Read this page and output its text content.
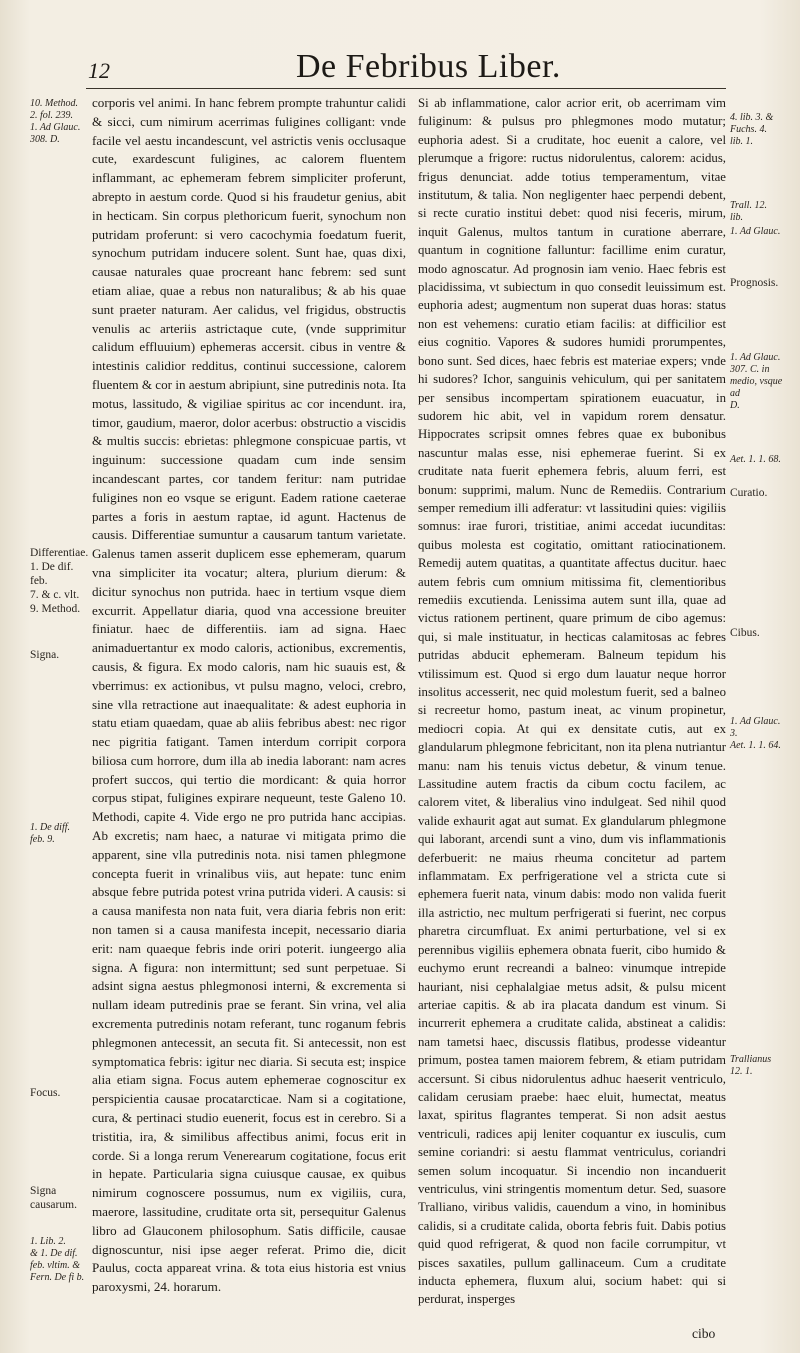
12	De Febribus Liber.

corporis vel animi. In hanc febrem prompte trahuntur calidi & sicci, cum nimirum acerrimas fuligines colligant: vnde facile vel aestu incandescunt, vel astrictis venis occlusaque cute, exardescunt fuligines, ac calorem fluentem inflammant, ac ephemeram febrem simpliciter proferunt, abrepto in aestum corde. Quod si his fraudetur genius, abit in hecticam. Sin corpus plethoricum fuerit, synochum non putridam proferunt: si vero cacochymia foedatum fuerit, synochum putridam inducere solent. Sunt hae, quas dixi, causae naturales quae procreant hanc febrem: sed sunt etiam aliae, quae a rebus non naturalibus; & ab his quae sunt praeter naturam. Aer calidus, vel frigidus, obstructis venulis ac arteriis astrictaque cute, (vnde supprimitur calidum effluuium) ephemeras accersit. cibus in ventre & intestinis calidior redditus, continui successione, calorem fluentem & cor in aestum abripiunt, sine putredinis nota. Ita motus, lassitudo, & vigiliae spiritus ac cor incendunt. ira, timor, gaudium, maeror, dolor acerbus: obstructio a viscidis & multis succis: ebrietas: phlegmone conspicuae partis, vt inguinum: successione quadam cum inde sensim incandescant partes, cor tandem feritur: nam putridae fuligines non eo vsque se erigunt. Eadem ratione caeterae partes a foris in aestum raptae, id agunt. Hactenus de causis. Differentiae sumuntur a causarum tantum varietate. Galenus tamen asserit duplicem esse ephemeram, quarum vna simpliciter ita vocatur; altera, plurium dierum: & dicitur synochus non putrida. haec in tertium vsque diem excurrit. Appellatur diaria, quod vna accessione breuiter finiatur. haec de differentiis. iam ad signa. Haec animaduertantur ex modo caloris, actionibus, excrementis, causis, & figura. Ex modo caloris, nam hic suauis est, & vberrimus: ex actionibus, vt pulsu magno, veloci, crebro, sine vlla retractione aut inaequalitate: & adest euphoria in statu etiam quaedam, quae ab aliis febribus abest: nec rigor nec pigritia fatigant. Tamen interdum corripit corpora biliosa cum horrore, dum illa ab inedia laborant: nam acres profert succos, qui tertio die mordicant: & quia horror corpus stipat, fuligines expirare nequeunt, teste Galeno 10. Methodi, capite 4. Vide ergo ne pro putrida hanc accipias. Ab excretis; nam haec, a naturae vi mitigata primo die apparent, sine vlla putredinis nota. nisi tamen phlegmone concepta fuerit in vrinalibus viis, aut hepate: tunc enim absque febre putrida potest vrina putrida videri. A causis: si a causa manifesta non nata fuit, vera diaria febris non erit: non tamen si a causa manifesta incepit, necessario diaria erit: nam quaeque febris inde oriri poterit. iungeergo alia signa. A figura: non intermittunt; sed sunt perpetuae. Si adsint signa aestus phlegmonosi interni, & excrementa si nullam ideam putredinis prae se ferant. Sin vrina, vel alia excrementa putredinis notam referant, tunc roganum febris phlegmonen antecessit, an secuta fit. Si antecessit, non est symptomatica febris: igitur nec diaria. Si secuta est; inspice alia etiam signa. Focus autem ephemerae cognoscitur ex perspicientia causae procatarcticae. Nam si a cogitatione, cura, & pertinaci studio euenerit, focus est in cerebro. Si a tristitia, ira, & similibus affectibus animi, focus erit in corde. Si a longa rerum Venerearum cogitatione, focus erit in hepate. Particularia signa cuiusque causae, ex quibus nimirum cognoscere possumus, num ex vigiliis, cura, maerore, lassitudine, cruditate orta sit, persequitur Galenus libro ad Glauconem philosophum. Satis difficile, causae dignoscuntur, nisi ipse aeger referat. Primo die, dicit Paulus, cocta appareat vrina. & tota eius historia est vnius paroxysmi, 24. horarum.

Si ab inflammatione, calor acrior erit, ob acerrimam vim fuliginum: & pulsus pro phlegmones modo mutatur; euphoria adest. Si a cruditate, hoc euenit a calore, vel plerumque a frigore: ructus nidorulentus, calorem: acidus, frigus denunciat. adde totius temperamentum, vitae institutum, & talia. Non negligenter haec perpendi debent, si recte curatio institui debet: quod nisi feceris, mirum, inquit Galenus, multos tantum in curatione aberrare, quantum in cognitione falluntur: facillime enim curatur, modo agnoscatur. Ad prognosin iam venio. Haec febris est placidissima, vt subiectum in quo consedit leuissimum est. euphoria adest; augmentum non superat duas horas: status non est vehemens: curatio etiam facilis: at difficilior est eius cognitio. Vapores & sudores humidi prorumpentes, bono sunt. Sed dices, haec febris est materiae expers; vnde hi sudores? Ichor, sanguinis vehiculum, qui per sanitatem per sensibus incompertam spirationem euacuatur, in sudorem hic abit, vel in vapidum rorem densatur. Hippocrates scripsit omnes febres quae ex bubonibus nascuntur malas esse, nisi ephemerae fuerint. Si ex cruditate nata fuerit ephemera febris, aluum ferri, est bonum: supprimi, malum. Nunc de Remediis. Contrarium semper remedium illi adferatur: vt lassitudini quies: vigiliis somnus: irae furori, tristitiae, animi accedat iucunditas: quibus molesta est cogitatio, omittant ratiocinationem. Remedij autem quatitas, a quantitate affectus ducitur. haec autem febris cum omnium mitissima fit, clementioribus remediis excutienda. Lenissima autem sunt illa, quae ad victus rationem pertinent, quare primum de cibo agemus: qui, si male instituatur, in hecticas calamitosas ac febres putridas abducit ephemeram. Balneum tepidum his vtilissimum est. Quod si ergo dum lauatur neque horror insolitus accesserit, nec quid molestum fuerit, sed a balneo si recreetur homo, pastum ineat, ac vinum propinetur, mediocri copia. At qui ex densitate cutis, aut ex glandularum phlegmone febricitant, non ita plena nutriantur manu: nam his tenuis victus debetur, & vinum tenue. Lassitudine autem fractis da cibum coctu facilem, ac calorem vitet, & liberalius vino indulgeat. Sed nihil quod valide exhaurit agat aut sumat. Ex glandularum phlegmone qui laborant, arcendi sunt a vino, dum vis inflammationis deferbuerit: ne maius rheuma concitetur ad partem inflammatam. Ex perfrigeratione vel a stricta cute si ephemera fuerit nata, vinum dabis: modo non valida fuerit illa astrictio, nec multum perfrigerati si fuerint, nec corpus pharetra circumfluat. Ex animi perturbatione, vel si ex perennibus vigiliis ephemera obnata fuerit, cibo humido & euchymo erunt recreandi a balneo: vinumque intrepide hauriant, nisi cephalalgiae metus adsit, & pulsu micent arteriae capitis. & ab ira placata dandum est vinum. Si incurrerit ephemera a cruditate calida, abstineat a calidis: nam tametsi haec, discussis flatibus, prodesse videantur primum, postea tamen maiorem febrem, & etiam putridam accersunt. Si cibus nidorulentus adhuc haeserit ventriculo, calidam cerusiam praebe: haec eluit, humectat, meatus laxat, spiritus flagrantes temperat. Si non adsit aestus ventriculi, radices apij leniter coquantur ex iusculis, cum semine coriandri: si aestu flammat ventriculus, coriandri semen solum incoquatur. Si incendio non incanduerit ventriculus, vini stringentis momentum detur. Sed, suasore Tralliano, viribus validis, cauendum a vino, in hominibus calidis, si a cruditate calida, oborta febris fuit. Dabis potius quid quod refrigerat, & quod non facile corrumpitur, vt pisces saxatiles, pullum gallinaceum. Cum a cruditate inducta ephemera, fluxum alui, socium habet: qui si perdurat, insperges

10. Method.
2. fol. 239.
1. Ad Glauc.
308. D.
Differentiae.
1. De dif. feb.
7. & c. vlt.
9. Method.
Signa.
1. De diff.
feb. 9.
Focus.
Signa causarum.
1. Lib. 2.
& 1. De dif.
feb. vltim. &
Fern. De fi b.
4. lib. 3. &
Fuchs. 4.
lib. 1.
Trall. 12.
lib.
1. Ad Glauc.
Prognosis.
1. Ad Glauc.
307. C. in medio, vsque ad
D.
Aet. 1. 1. 68.
Curatio.
Cibus.
1. Ad Glauc.
3.
Aet. 1. 1. 64.
Trallianus
12. 1.
cibo
